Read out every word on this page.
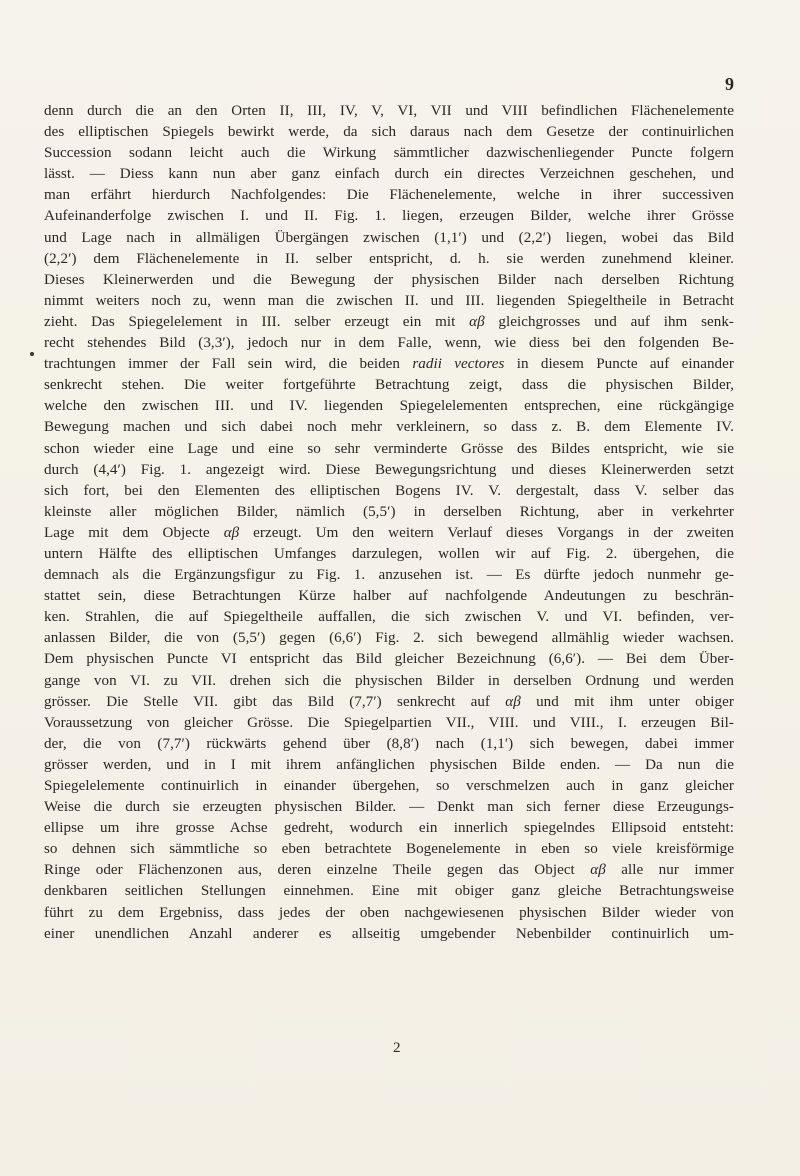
9
denn durch die an den Orten II, III, IV, V, VI, VII und VIII befindlichen Flächenelemente
des elliptischen Spiegels bewirkt werde, da sich daraus nach dem Gesetze der continuirlichen
Succession sodann leicht auch die Wirkung sämmtlicher dazwischenliegender Puncte folgern
lässt. — Diess kann nun aber ganz einfach durch ein directes Verzeichnen geschehen, und
man erfährt hierdurch Nachfolgendes: Die Flächenelemente, welche in ihrer successiven
Aufeinanderfolge zwischen I. und II. Fig. 1. liegen, erzeugen Bilder, welche ihrer Grösse
und Lage nach in allmäligen Übergängen zwischen (1,1′) und (2,2′) liegen, wobei das Bild
(2,2′) dem Flächenelemente in II. selber entspricht, d. h. sie werden zunehmend kleiner.
Dieses Kleinerwerden und die Bewegung der physischen Bilder nach derselben Richtung
nimmt weiters noch zu, wenn man die zwischen II. und III. liegenden Spiegeltheile in Betracht
zieht. Das Spiegelelement in III. selber erzeugt ein mit αβ gleichgrosses und auf ihm senk-
recht stehendes Bild (3,3′), jedoch nur in dem Falle, wenn, wie diess bei den folgenden Be-
trachtungen immer der Fall sein wird, die beiden radii vectores in diesem Puncte auf einander
senkrecht stehen. Die weiter fortgeführte Betrachtung zeigt, dass die physischen Bilder,
welche den zwischen III. und IV. liegenden Spiegelelementen entsprechen, eine rückgängige
Bewegung machen und sich dabei noch mehr verkleinern, so dass z. B. dem Elemente IV.
schon wieder eine Lage und eine so sehr verminderte Grösse des Bildes entspricht, wie sie
durch (4,4′) Fig. 1. angezeigt wird. Diese Bewegungsrichtung und dieses Kleinerwerden setzt
sich fort, bei den Elementen des elliptischen Bogens IV. V. dergestalt, dass V. selber das
kleinste aller möglichen Bilder, nämlich (5,5′) in derselben Richtung, aber in verkehrter
Lage mit dem Objecte αβ erzeugt. Um den weitern Verlauf dieses Vorgangs in der zweiten
untern Hälfte des elliptischen Umfanges darzulegen, wollen wir auf Fig. 2. übergehen, die
demnach als die Ergänzungsfigur zu Fig. 1. anzusehen ist. — Es dürfte jedoch nunmehr ge-
stattet sein, diese Betrachtungen Kürze halber auf nachfolgende Andeutungen zu beschrän-
ken. Strahlen, die auf Spiegeltheile auffallen, die sich zwischen V. und VI. befinden, ver-
anlassen Bilder, die von (5,5′) gegen (6,6′) Fig. 2. sich bewegend allmählig wieder wachsen.
Dem physischen Puncte VI entspricht das Bild gleicher Bezeichnung (6,6′). — Bei dem Über-
gange von VI. zu VII. drehen sich die physischen Bilder in derselben Ordnung und werden
grösser. Die Stelle VII. gibt das Bild (7,7′) senkrecht auf αβ und mit ihm unter obiger
Voraussetzung von gleicher Grösse. Die Spiegelpartien VII., VIII. und VIII., I. erzeugen Bil-
der, die von (7,7′) rückwärts gehend über (8,8′) nach (1,1′) sich bewegen, dabei immer
grösser werden, und in I mit ihrem anfänglichen physischen Bilde enden. — Da nun die
Spiegelelemente continuirlich in einander übergehen, so verschmelzen auch in ganz gleicher
Weise die durch sie erzeugten physischen Bilder. — Denkt man sich ferner diese Erzeugungs-
ellipse um ihre grosse Achse gedreht, wodurch ein innerlich spiegelndes Ellipsoid entsteht:
so dehnen sich sämmtliche so eben betrachtete Bogenelemente in eben so viele kreisförmige
Ringe oder Flächenzonen aus, deren einzelne Theile gegen das Object αβ alle nur immer
denkbaren seitlichen Stellungen einnehmen. Eine mit obiger ganz gleiche Betrachtungsweise
führt zu dem Ergebniss, dass jedes der oben nachgewiesenen physischen Bilder wieder von
einer unendlichen Anzahl anderer es allseitig umgebender Nebenbilder continuirlich um-
2
